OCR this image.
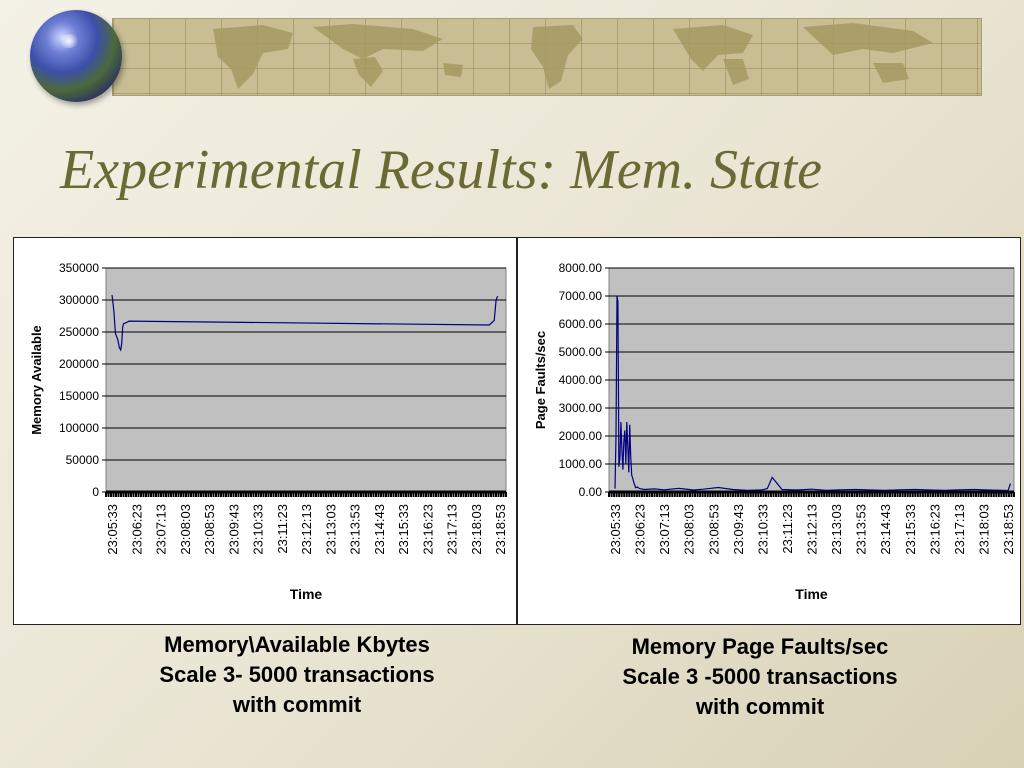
Experimental Results: Mem. State
0
50000
100000
150000
200000
250000
300000
350000
23:05:33 23:06:23 23:07:13 23:08:03 23:08:53 23:09:43 23:10:33 23:11:23 23:12:13 23:13:03 23:13:53 23:14:43 23:15:33 23:16:23 23:17:13 23:18:03 23:18:53
Time
Memory Available
0.00
1000.00
2000.00
3000.00
4000.00
5000.00
6000.00
7000.00
8000.00
23:05:33 23:06:23 23:07:13 23:08:03 23:08:53 23:09:43 23:10:33 23:11:23 23:12:13 23:13:03 23:13:53 23:14:43 23:15:33 23:16:23 23:17:13 23:18:03 23:18:53
Time
Page Faults/sec

Memory\Available Kbytes
Scale 3- 5000 transactions
with commit

Memory Page Faults/sec
Scale 3 -5000 transactions
with commit
